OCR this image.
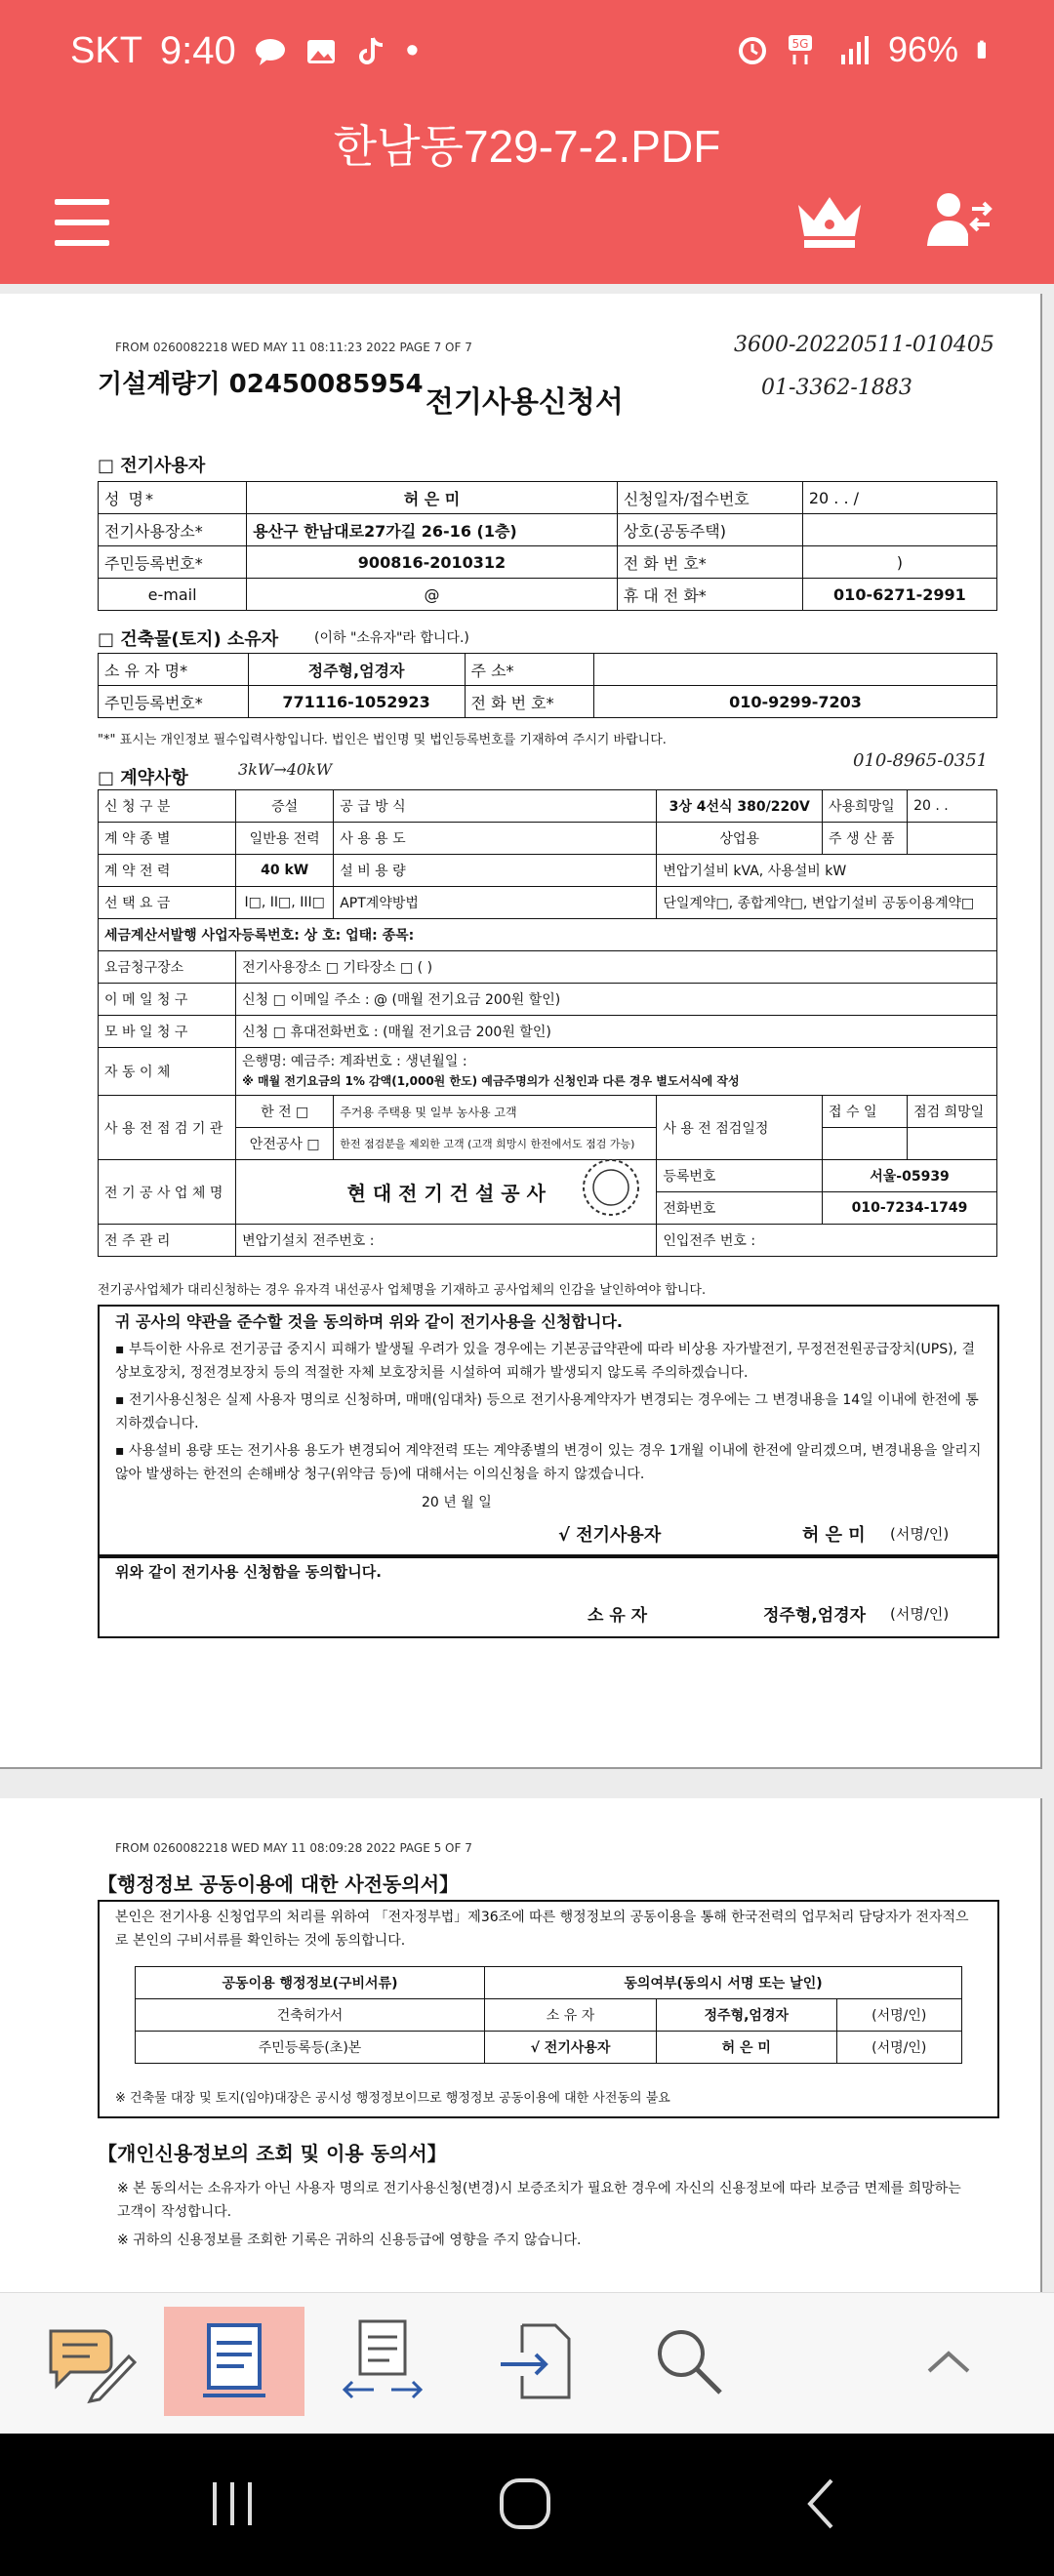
SKT 9:40	•	5G 96%
한남동729-7-2.PDF
FROM 0260082218 WED MAY 11 08:11:23 2022 PAGE 7 OF 7	3600-20220511-010405
01-3362-1883
기설계량기 02450085954
전기사용신청서
□ 전기사용자
성 명*	허 은 미	신청일자/접수번호	20 . . /
전기사용장소*	용산구 한남대로27가길 26-16 (1층)	상호(공동주택)	
주민등록번호*	900816-2010312	전 화 번 호*	)
e-mail	@	휴 대 전 화*	010-6271-2991
□ 건축물(토지) 소유자	(이하 "소유자"라 합니다.)
소 유 자 명*	정주형,엄경자	주 소*	
주민등록번호*	771116-1052923	전 화 번 호*	010-9299-7203
"*" 표시는 개인정보 필수입력사항입니다. 법인은 법인명 및 법인등록번호를 기재하여 주시기 바랍니다.
□ 계약사항	3kW→40kW	010-8965-0351
신 청 구 분	증설	공 급 방 식	3상 4선식 380/220V	사용희망일	20 . .
계 약 종 별	일반용 전력	사 용 용 도	상업용	주 생 산 품	
계 약 전 력	40 kW	설 비 용 량	변압기설비 kVA, 사용설비 kW		
선 택 요 금	I□, II□, III□	APT계약방법	단일계약□, 종합계약□, 변압기설비 공동이용계약□		
세금계산서발행 사업자등록번호: 상 호: 업태: 종목:					
요금청구장소	전기사용장소 □ 기타장소 □ ( )				
이 메 일 청 구	신청 □ 이메일 주소 : @ (매월 전기요금 200원 할인)				
모 바 일 청 구	신청 □ 휴대전화번호 : (매월 전기요금 200원 할인)				
자 동 이 체	은행명: 예금주: 계좌번호 : 생년월일 :
※ 매월 전기요금의 1% 감액(1,000원 한도) 예금주명의가 신청인과 다른 경우 별도서식에 작성				

사 용 전 점 검 기 관	한 전 □	주거용 주택용 및 일부 농사용 고객	사 용 전 점검일정	접 수 일	점검 희망일
	안전공사 □	한전 점검분을 제외한 고객 (고객 희망시 한전에서도 점검 가능)			
전 기 공 사 업 체 명	현 대 전 기 건 설 공 사		등록번호	서울-05939	
			전화번호	010-7234-1749	
전 주 관 리	변압기설치 전주번호 :		인입전주 번호 :		
전기공사업체가 대리신청하는 경우 유자격 내선공사 업체명을 기재하고 공사업체의 인감을 날인하여야 합니다.

귀 공사의 약관을 준수할 것을 동의하며 위와 같이 전기사용을 신청합니다.

▪ 부득이한 사유로 전기공급 중지시 피해가 발생될 우려가 있을 경우에는 기본공급약관에 따라 비상용 자가발전기, 무정전전원공급장치(UPS), 결상보호장치, 정전경보장치 등의 적절한 자체 보호장치를 시설하여 피해가 발생되지 않도록 주의하겠습니다.

▪ 전기사용신청은 실제 사용자 명의로 신청하며, 매매(임대차) 등으로 전기사용계약자가 변경되는 경우에는 그 변경내용을 14일 이내에 한전에 통지하겠습니다.

▪ 사용설비 용량 또는 전기사용 용도가 변경되어 계약전력 또는 계약종별의 변경이 있는 경우 1개월 이내에 한전에 알리겠으며, 변경내용을 알리지 않아 발생하는 한전의 손해배상 청구(위약금 등)에 대해서는 이의신청을 하지 않겠습니다.

20 년 월 일
√ 전기사용자	허 은 미 (서명/인)

위와 같이 전기사용 신청함을 동의합니다.

소 유 자	정주형,엄경자 (서명/인)
FROM 0260082218 WED MAY 11 08:09:28 2022 PAGE 5 OF 7
【행정정보 공동이용에 대한 사전동의서】

본인은 전기사용 신청업무의 처리를 위하여 「전자정부법」제36조에 따른 행정정보의 공동이용을 통해 한국전력의 업무처리 담당자가 전자적으로 본인의 구비서류를 확인하는 것에 동의합니다.

공동이용 행정정보(구비서류)	동의여부(동의시 서명 또는 날인)		
건축허가서	소 유 자	정주형,엄경자	(서명/인)
주민등록등(초)본	√ 전기사용자	허 은 미	(서명/인)
※ 건축물 대장 및 토지(임야)대장은 공시성 행정정보이므로 행정정보 공동이용에 대한 사전동의 불요
【개인신용정보의 조회 및 이용 동의서】
※ 본 동의서는 소유자가 아닌 사용자 명의로 전기사용신청(변경)시 보증조치가 필요한 경우에 자신의 신용정보에 따라 보증금 면제를 희망하는 고객이 작성합니다.
※ 귀하의 신용정보를 조회한 기록은 귀하의 신용등급에 영향을 주지 않습니다.
